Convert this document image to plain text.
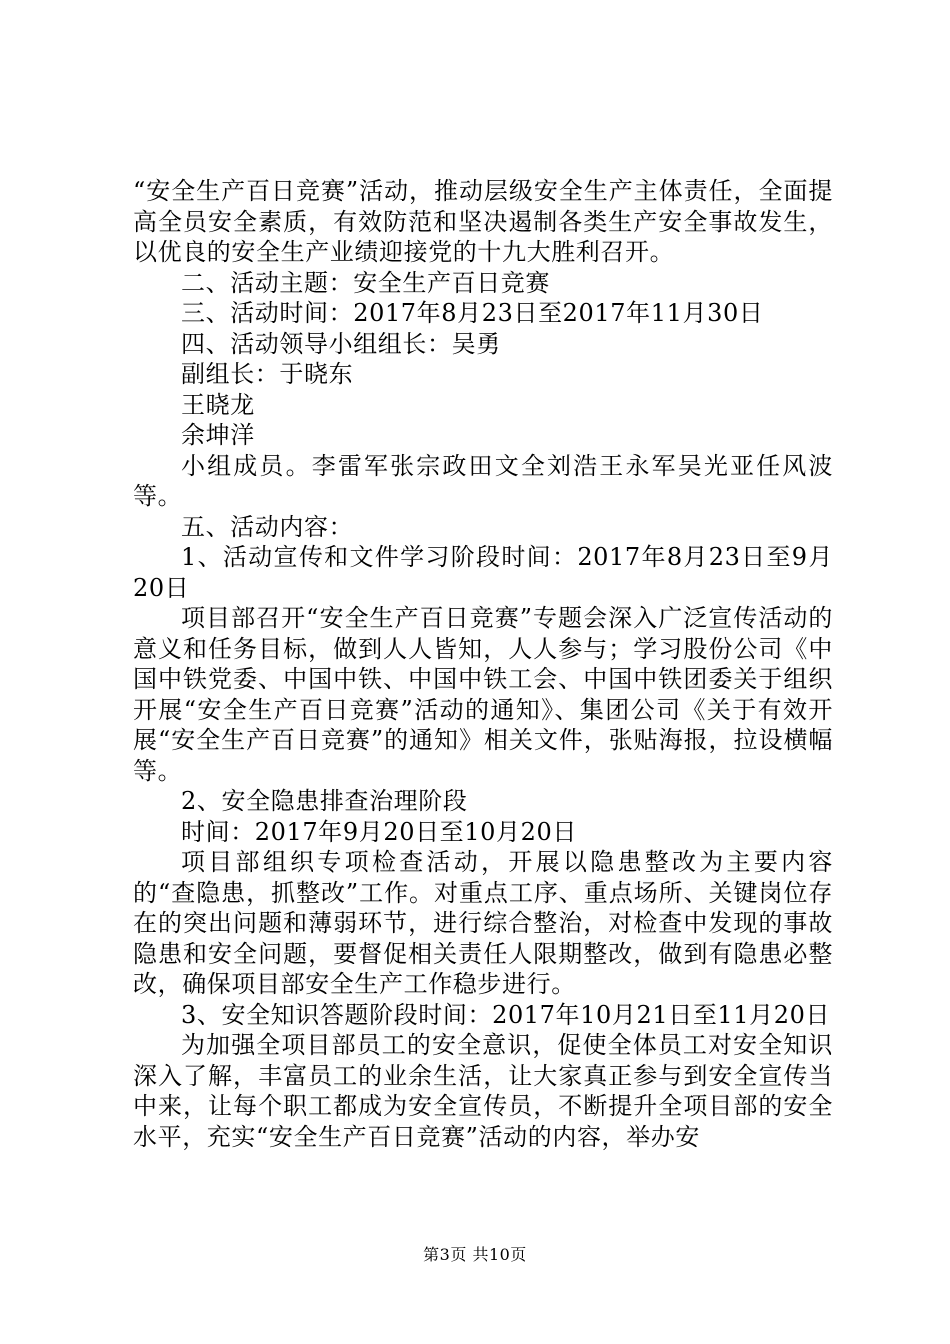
“安全生产百日竞赛”活动，推动层级安全生产主体责任，全面提高全员安全素质，有效防范和坚决遏制各类生产安全事故发生，以优良的安全生产业绩迎接党的十九大胜利召开。

二、活动主题：安全生产百日竞赛

三、活动时间：2017年8月23日至2017年11月30日

四、活动领导小组组长：吴勇

副组长：于晓东

王晓龙

余坤洋

小组成员。李雷军张宗政田文全刘浩王永军吴光亚任风波等。

五、活动内容：

1、活动宣传和文件学习阶段时间：2017年8月23日至9月20日

项目部召开“安全生产百日竞赛”专题会深入广泛宣传活动的意义和任务目标，做到人人皆知，人人参与；学习股份公司《中国中铁党委、中国中铁、中国中铁工会、中国中铁团委关于组织开展“安全生产百日竞赛”活动的通知》、集团公司《关于有效开展“安全生产百日竞赛”的通知》相关文件，张贴海报，拉设横幅等。

2、安全隐患排查治理阶段

时间：2017年9月20日至10月20日

项目部组织专项检查活动，开展以隐患整改为主要内容的“查隐患，抓整改”工作。对重点工序、重点场所、关键岗位存在的突出问题和薄弱环节，进行综合整治，对检查中发现的事故隐患和安全问题，要督促相关责任人限期整改，做到有隐患必整改，确保项目部安全生产工作稳步进行。

3、安全知识答题阶段时间：2017年10月21日至11月20日

为加强全项目部员工的安全意识，促使全体员工对安全知识深入了解，丰富员工的业余生活，让大家真正参与到安全宣传当中来，让每个职工都成为安全宣传员，不断提升全项目部的安全水平，充实“安全生产百日竞赛”活动的内容，举办安

第3页 共10页
